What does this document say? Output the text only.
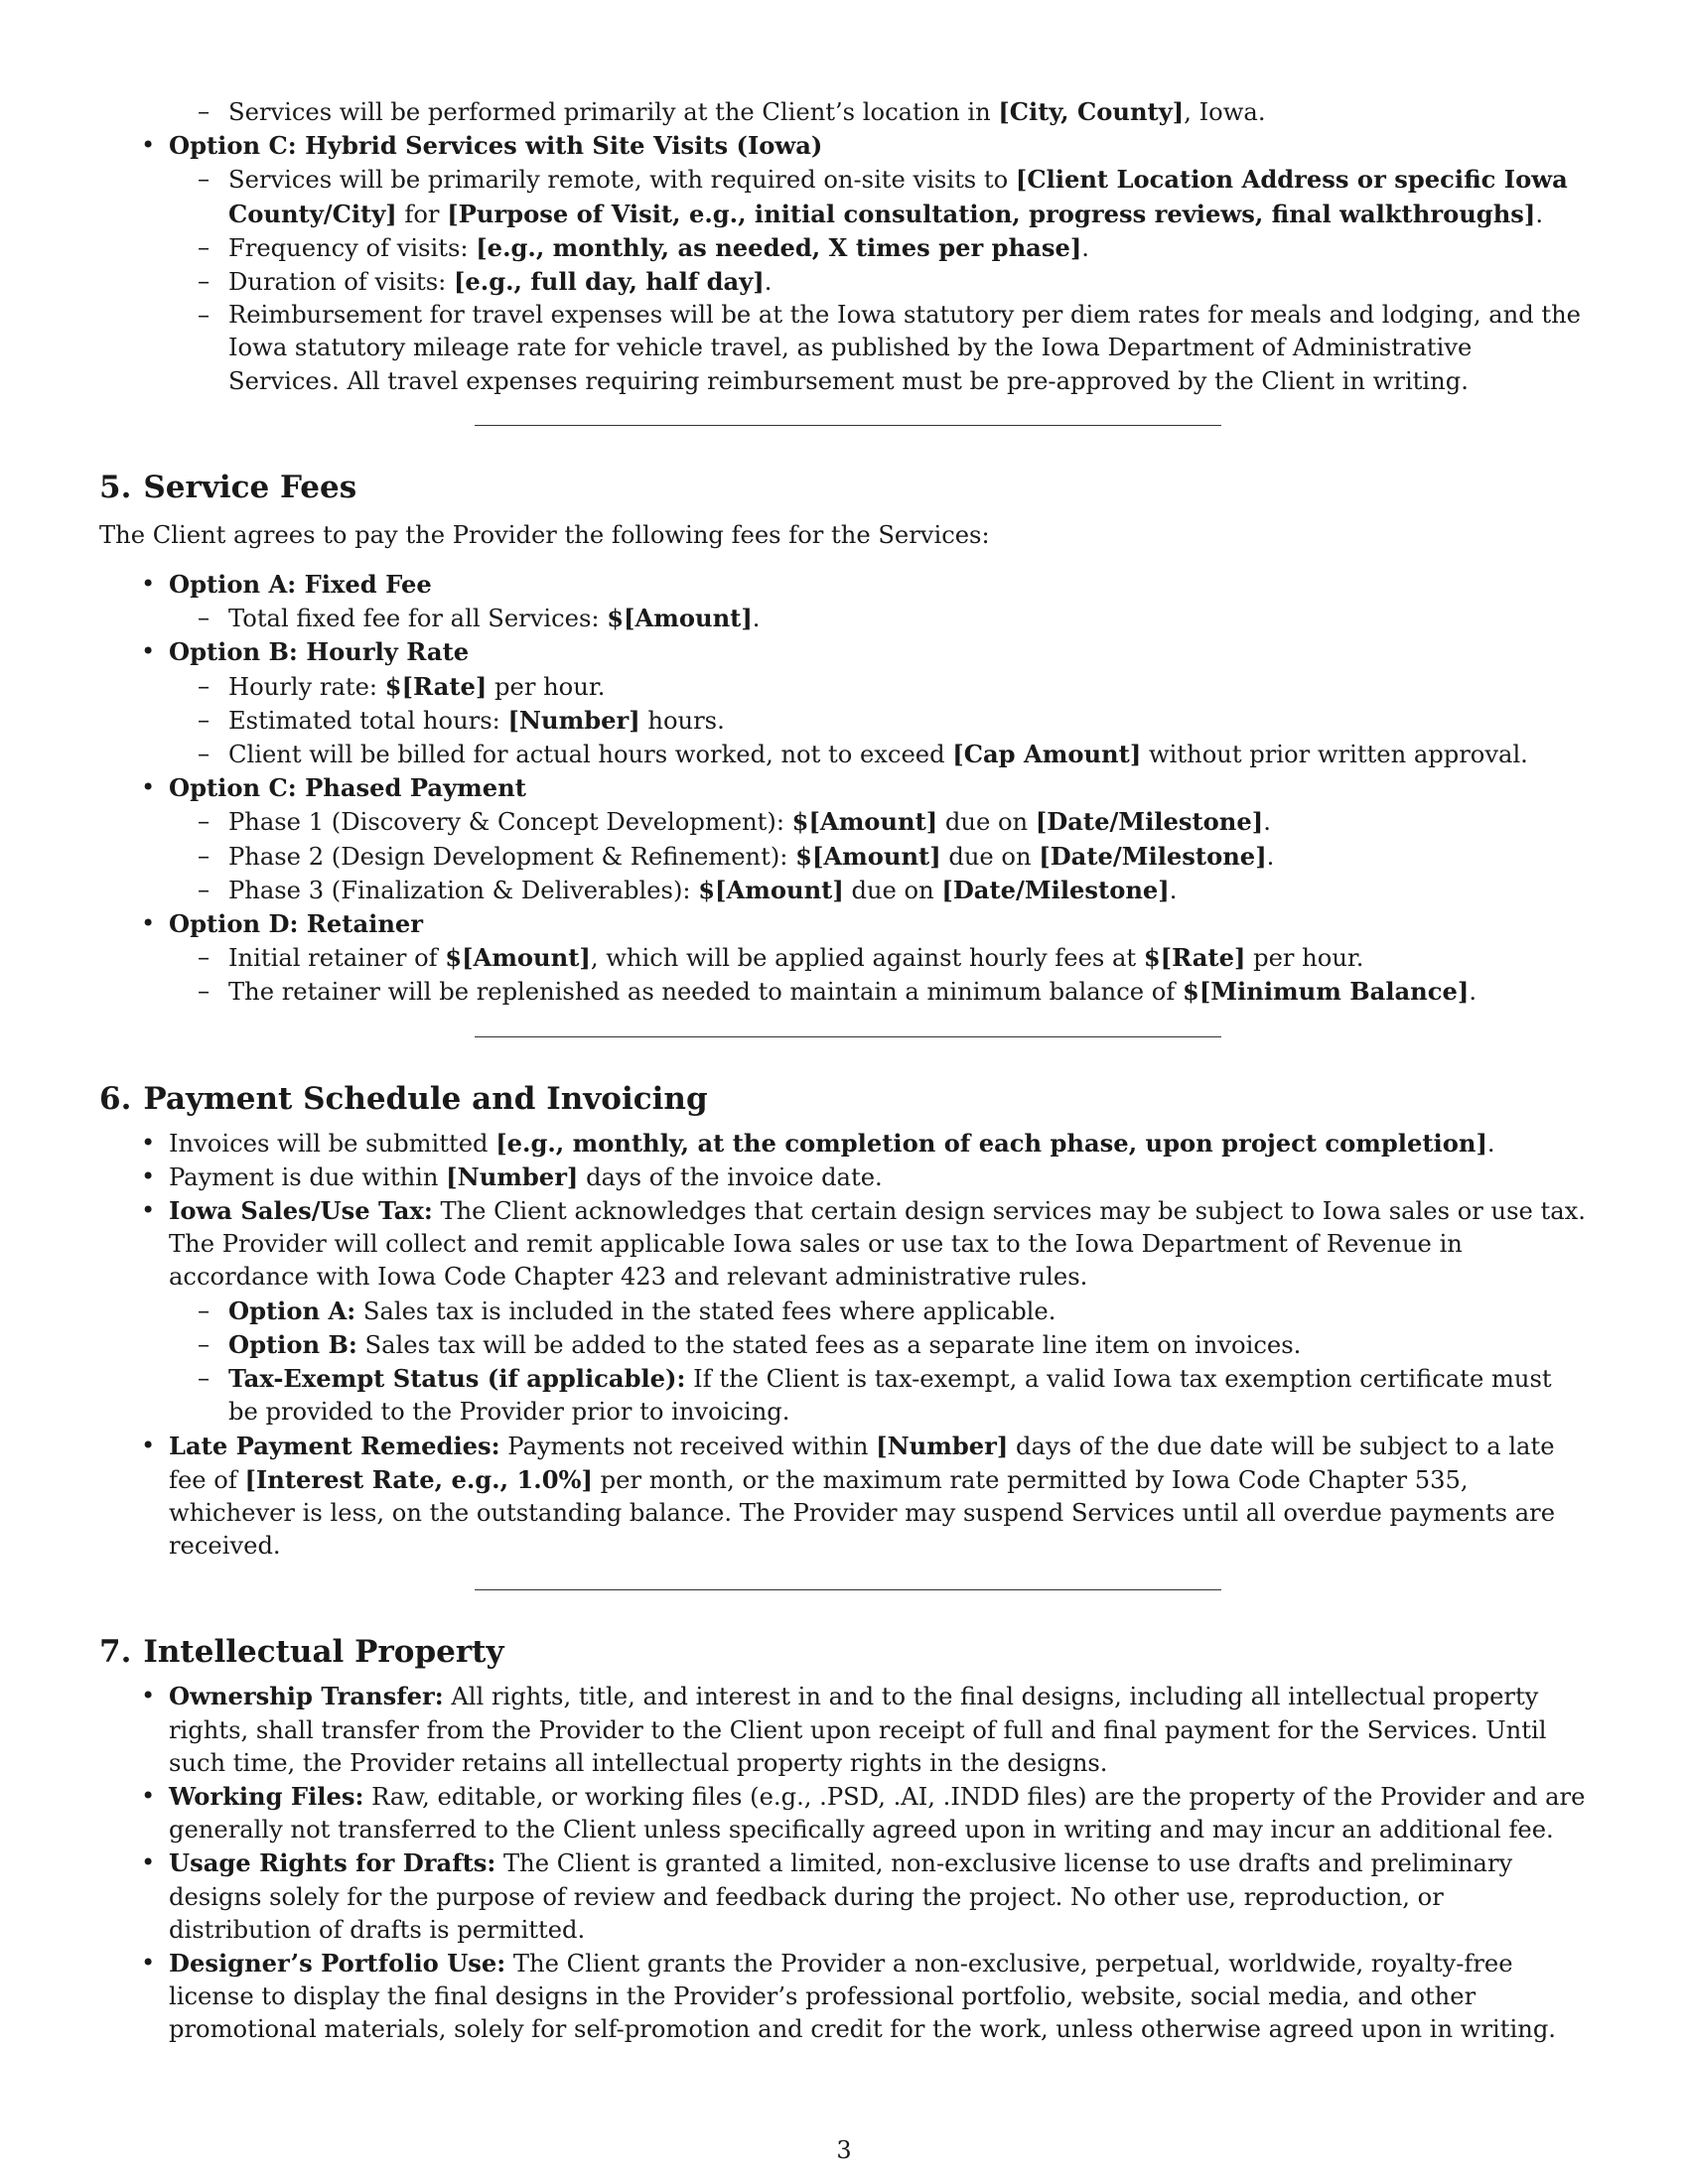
– Services will be performed primarily at the Client’s location in [City, County], Iowa.
• Option C: Hybrid Services with Site Visits (Iowa)
– Services will be primarily remote, with required on-site visits to [Client Location Address or specific Iowa County/City] for [Purpose of Visit, e.g., initial consultation, progress reviews, final walkthroughs].
– Frequency of visits: [e.g., monthly, as needed, X times per phase].
– Duration of visits: [e.g., full day, half day].
– Reimbursement for travel expenses will be at the Iowa statutory per diem rates for meals and lodging, and the Iowa statutory mileage rate for vehicle travel, as published by the Iowa Department of Administrative Services. All travel expenses requiring reimbursement must be pre-approved by the Client in writing.
5. Service Fees

The Client agrees to pay the Provider the following fees for the Services:

• Option A: Fixed Fee
– Total fixed fee for all Services: $[Amount].
• Option B: Hourly Rate
– Hourly rate: $[Rate] per hour.
– Estimated total hours: [Number] hours.
– Client will be billed for actual hours worked, not to exceed [Cap Amount] without prior written approval.
• Option C: Phased Payment
– Phase 1 (Discovery & Concept Development): $[Amount] due on [Date/Milestone].
– Phase 2 (Design Development & Refinement): $[Amount] due on [Date/Milestone].
– Phase 3 (Finalization & Deliverables): $[Amount] due on [Date/Milestone].
• Option D: Retainer
– Initial retainer of $[Amount], which will be applied against hourly fees at $[Rate] per hour.
– The retainer will be replenished as needed to maintain a minimum balance of $[Minimum Balance].
6. Payment Schedule and Invoicing
• Invoices will be submitted [e.g., monthly, at the completion of each phase, upon project completion].
• Payment is due within [Number] days of the invoice date.
• Iowa Sales/Use Tax: The Client acknowledges that certain design services may be subject to Iowa sales or use tax. The Provider will collect and remit applicable Iowa sales or use tax to the Iowa Department of Revenue in accordance with Iowa Code Chapter 423 and relevant administrative rules.
– Option A: Sales tax is included in the stated fees where applicable.
– Option B: Sales tax will be added to the stated fees as a separate line item on invoices.
– Tax-Exempt Status (if applicable): If the Client is tax-exempt, a valid Iowa tax exemption certificate must be provided to the Provider prior to invoicing.
• Late Payment Remedies: Payments not received within [Number] days of the due date will be subject to a late fee of [Interest Rate, e.g., 1.0%] per month, or the maximum rate permitted by Iowa Code Chapter 535, whichever is less, on the outstanding balance. The Provider may suspend Services until all overdue payments are received.
7. Intellectual Property
• Ownership Transfer: All rights, title, and interest in and to the final designs, including all intellectual property rights, shall transfer from the Provider to the Client upon receipt of full and final payment for the Services. Until such time, the Provider retains all intellectual property rights in the designs.
• Working Files: Raw, editable, or working files (e.g., .PSD, .AI, .INDD files) are the property of the Provider and are generally not transferred to the Client unless specifically agreed upon in writing and may incur an additional fee.
• Usage Rights for Drafts: The Client is granted a limited, non-exclusive license to use drafts and preliminary designs solely for the purpose of review and feedback during the project. No other use, reproduction, or distribution of drafts is permitted.
• Designer’s Portfolio Use: The Client grants the Provider a non-exclusive, perpetual, worldwide, royalty-free license to display the final designs in the Provider’s professional portfolio, website, social media, and other promotional materials, solely for self-promotion and credit for the work, unless otherwise agreed upon in writing.
3
